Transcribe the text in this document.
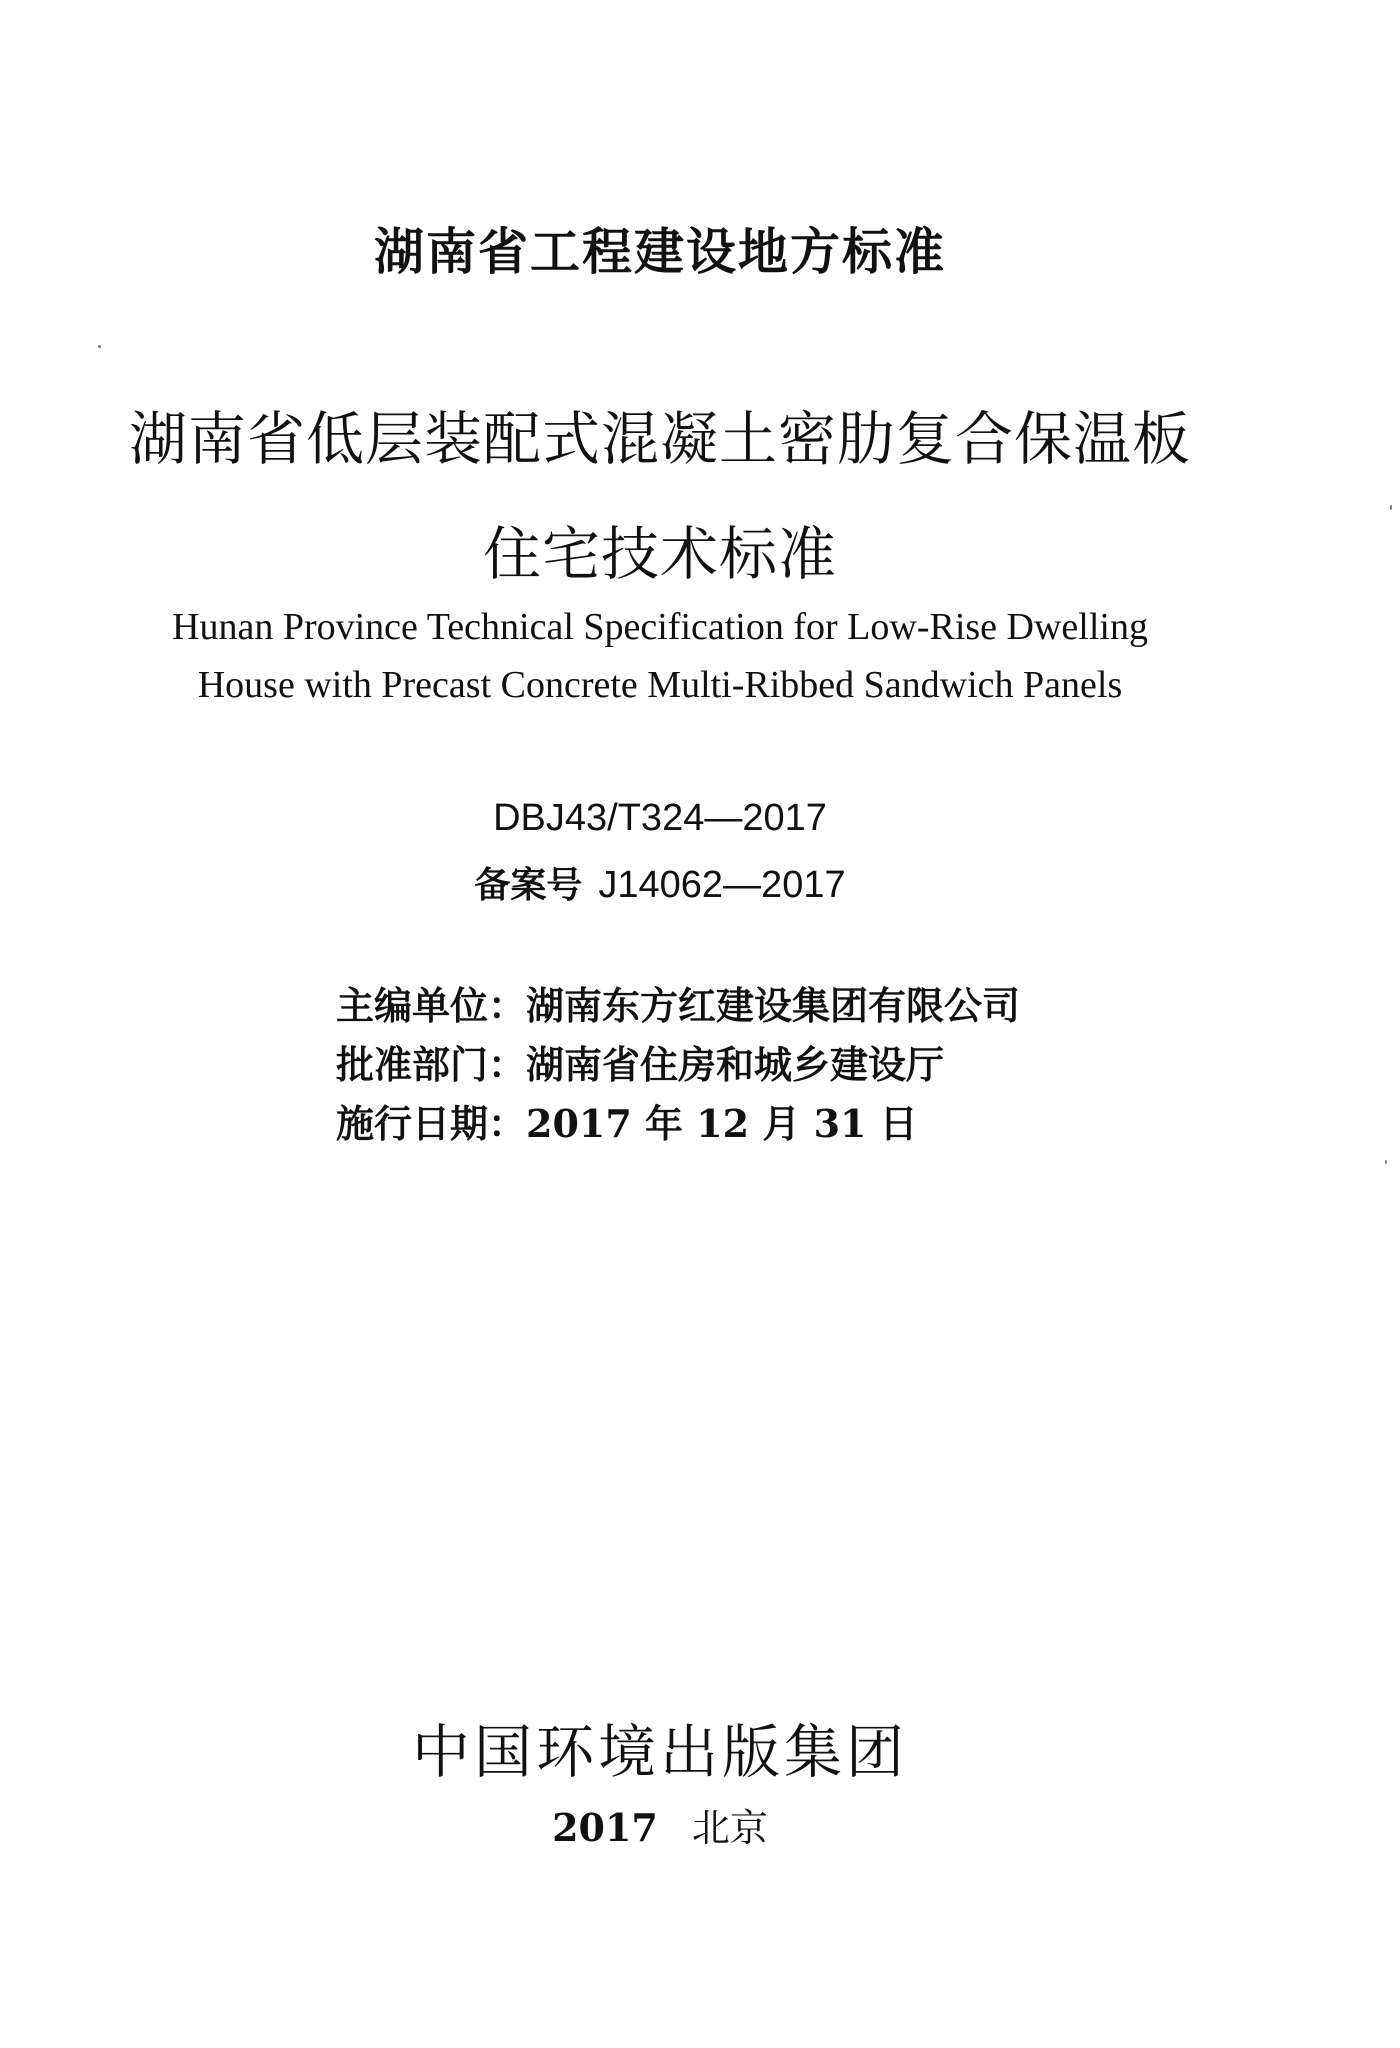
湖南省工程建设地方标准
湖南省低层装配式混凝土密肋复合保温板
住宅技术标准
Hunan Province Technical Specification for Low-Rise Dwelling
House with Precast Concrete Multi-Ribbed Sandwich Panels
DBJ43/T324—2017
备案号 J14062—2017
主编单位：湖南东方红建设集团有限公司
批准部门：湖南省住房和城乡建设厅
施行日期：2017 年 12 月 31 日
中国环境出版集团
2017 北京
